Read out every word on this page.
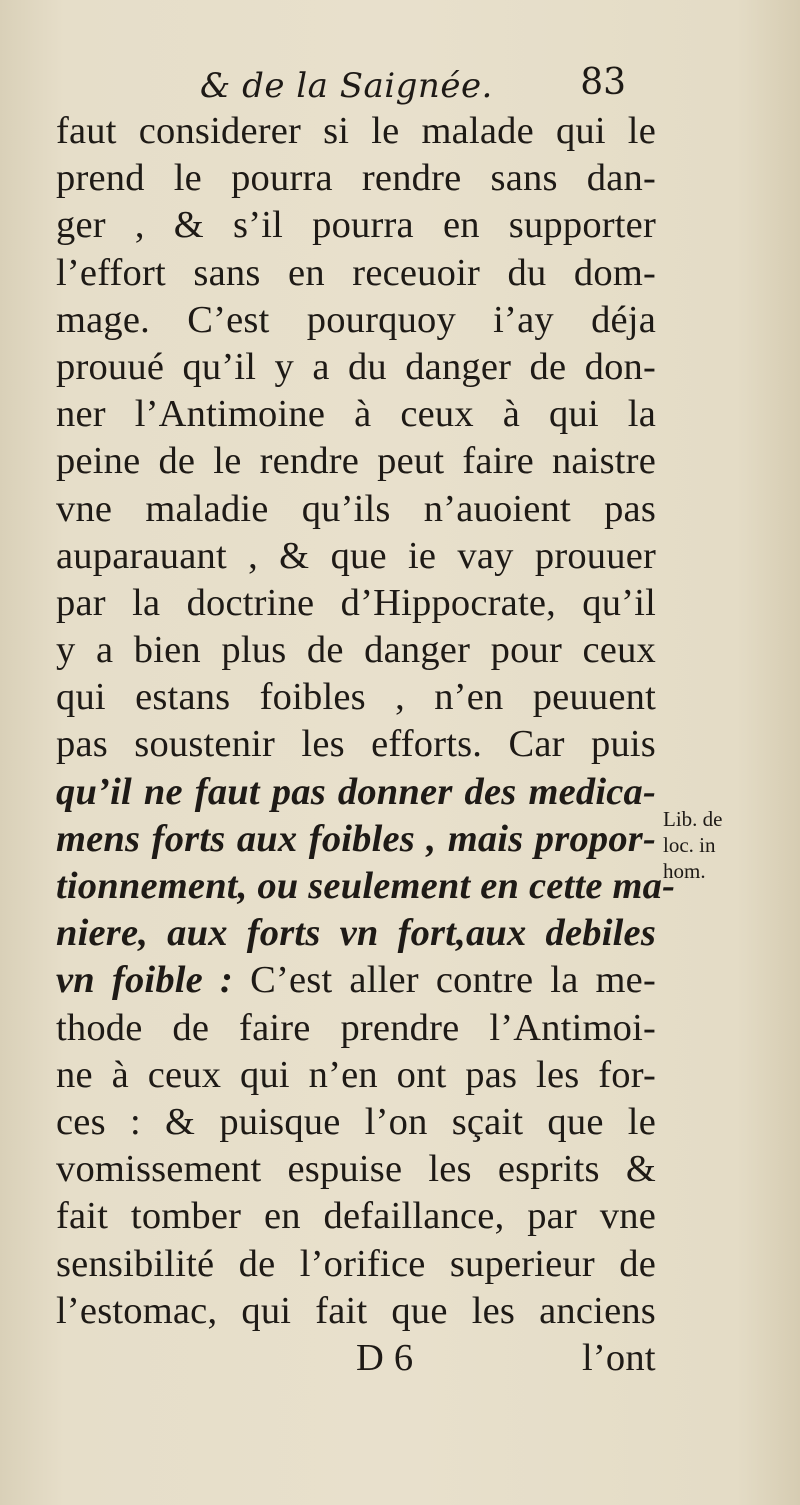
& de la Saignée. 83
faut considerer si le malade qui le
prend le pourra rendre sans dan-
ger , & s’il pourra en supporter
l’effort sans en receuoir du dom-
mage. C’est pourquoy i’ay déja
prouué qu’il y a du danger de don-
ner l’Antimoine à ceux à qui la
peine de le rendre peut faire naistre
vne maladie qu’ils n’auoient pas
auparauant , & que ie vay prouuer
par la doctrine d’Hippocrate, qu’il
y a bien plus de danger pour ceux
qui estans foibles , n’en peuuent
pas soustenir les efforts. Car puis
qu’il ne faut pas donner des medica-
mens forts aux foibles , mais propor-
tionnement, ou seulement en cette ma-
niere, aux forts vn fort,aux debiles
vn foible : C’est aller contre la me-
thode de faire prendre l’Antimoi-
ne à ceux qui n’en ont pas les for-
ces : & puisque l’on sçait que le
vomissement espuise les esprits &
fait tomber en defaillance, par vne
sensibilité de l’orifice superieur de
l’estomac, qui fait que les anciens
D 6	l’ont
Lib. de
loc. in
hom.
